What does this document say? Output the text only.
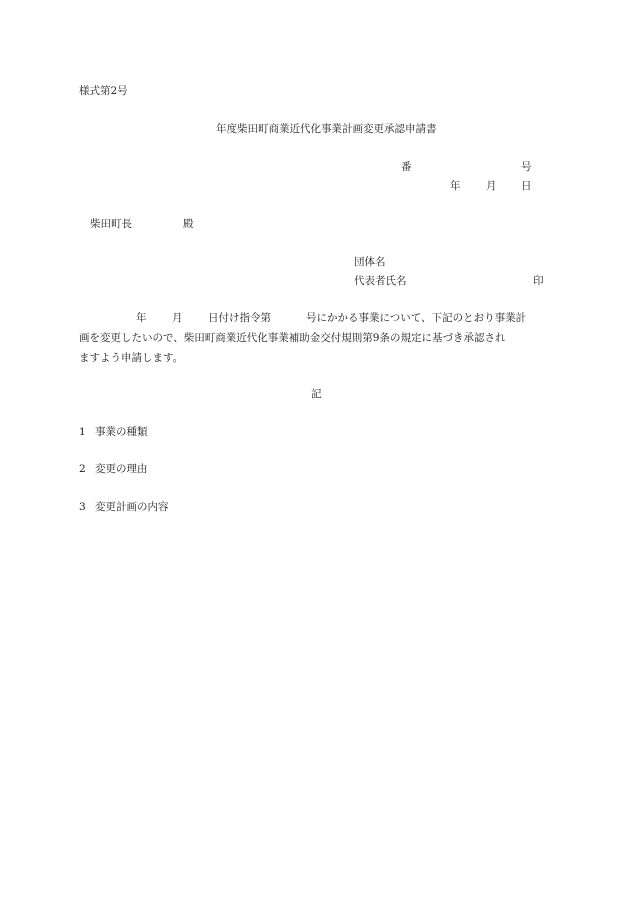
様式第2号
年度柴田町商業近代化事業計画変更承認申請書
番	号
年 月 日
柴田町長	殿
団体名
代表者氏名	印
年 月 日付け指令第	号にかかる事業について、下記のとおり事業計
画を変更したいので、柴田町商業近代化事業補助金交付規則第9条の規定に基づき承認され
ますよう申請します。
記
1 事業の種類
2 変更の理由
3 変更計画の内容
